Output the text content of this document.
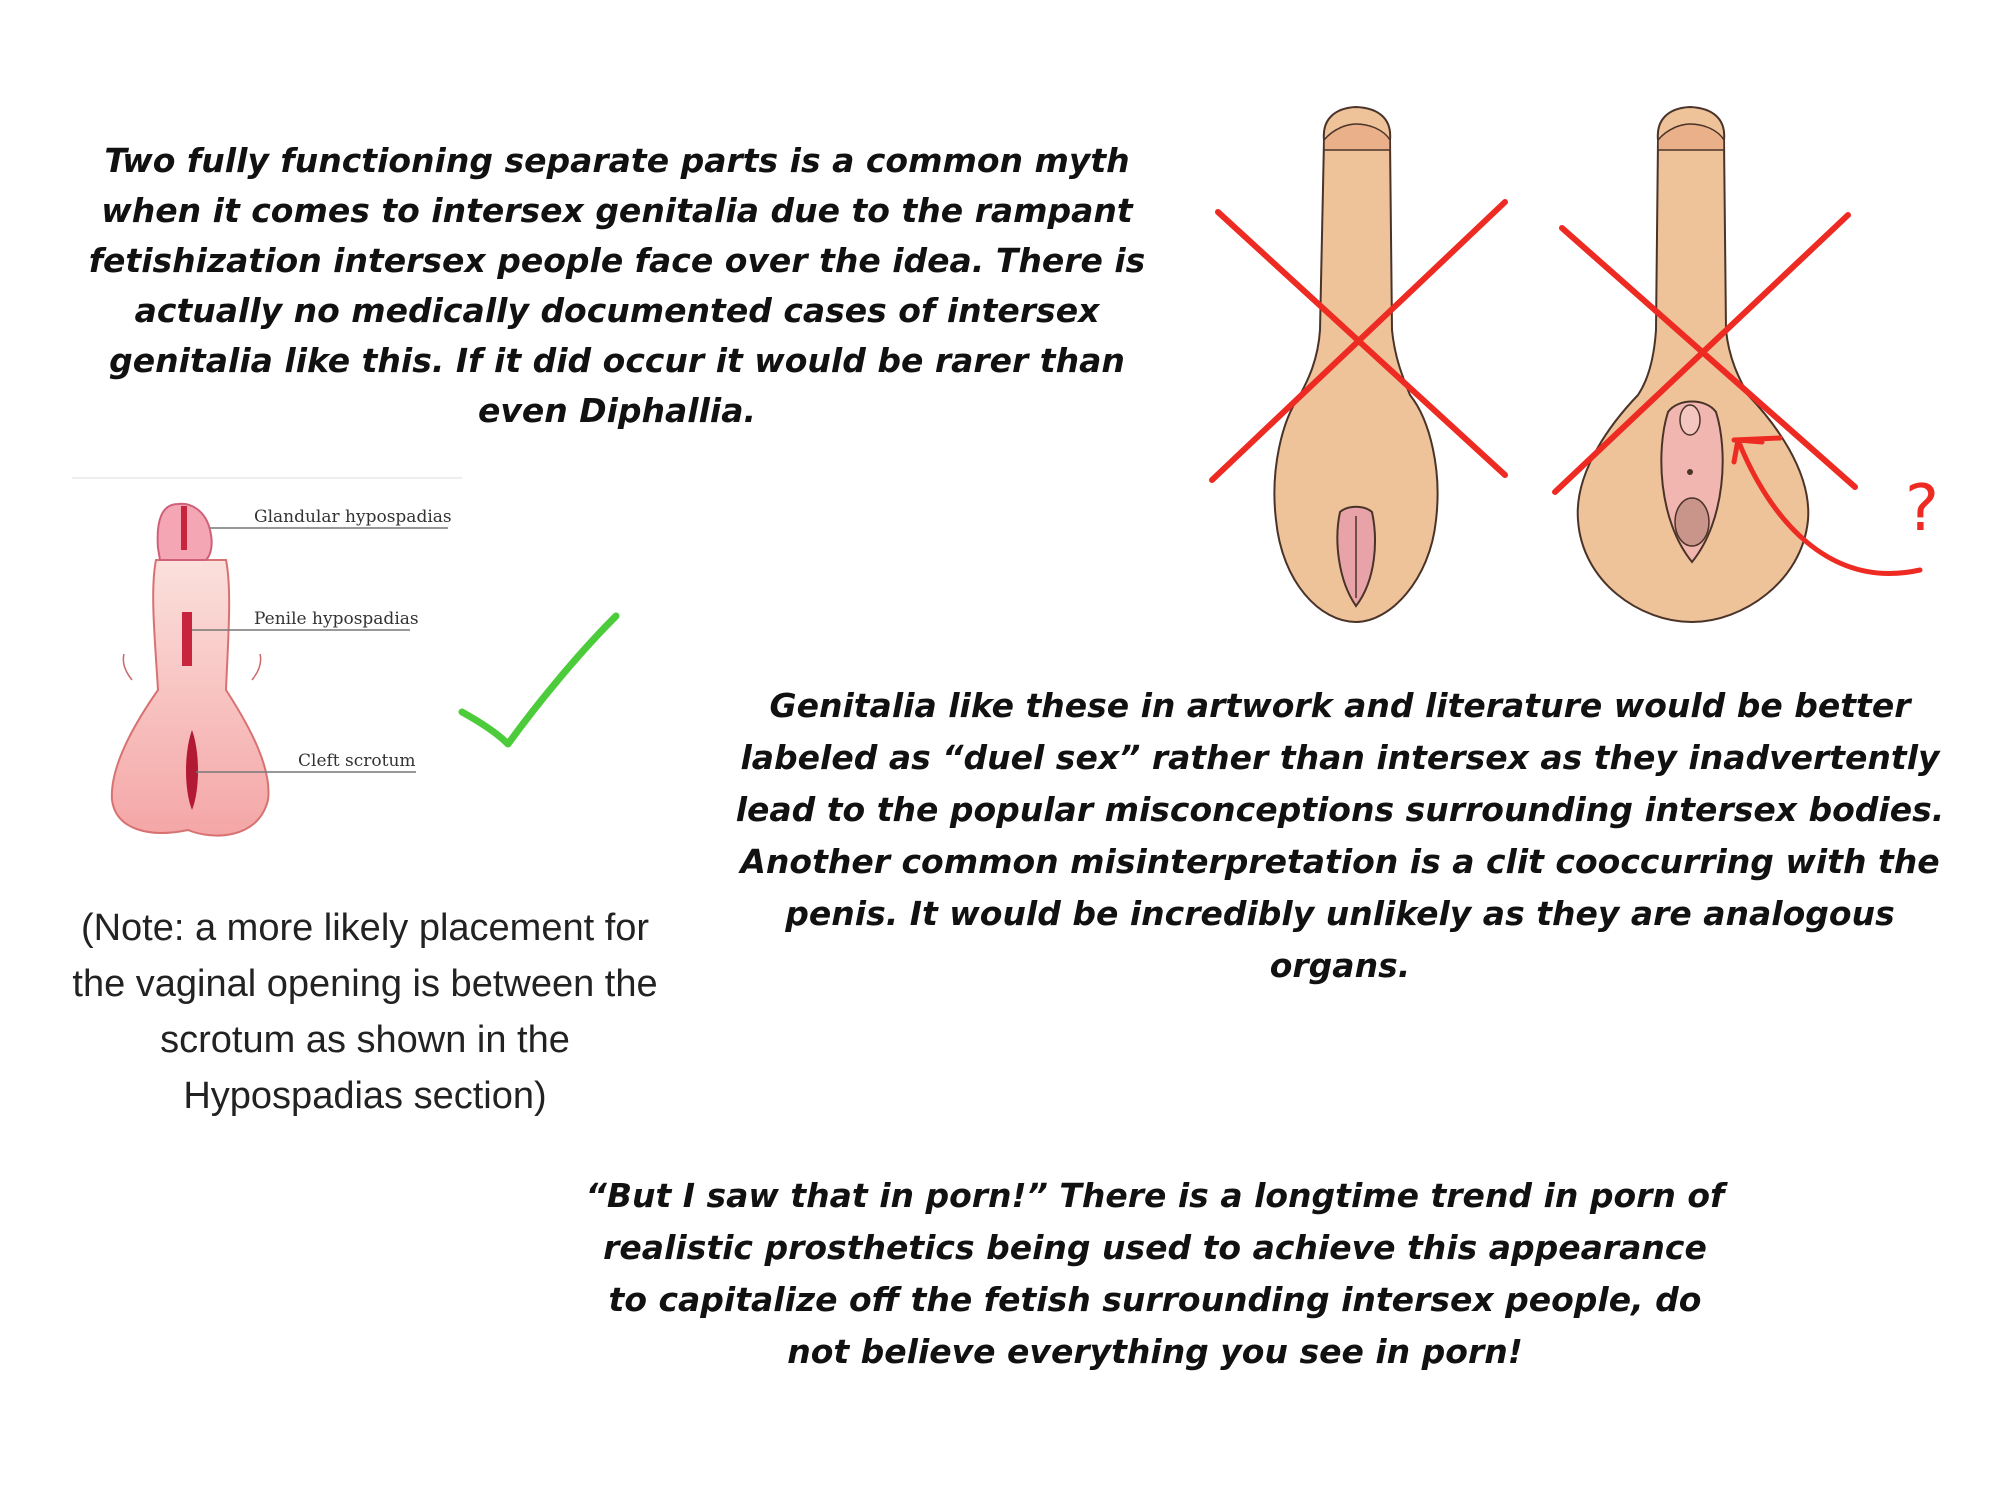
Two fully functioning separate parts is a common myth when it comes to intersex genitalia due to the rampant fetishization intersex people face over the idea. There is actually no medically documented cases of intersex genitalia like this. If it did occur it would be rarer than even Diphallia.

Genitalia like these in artwork and literature would be better labeled as “duel sex” rather than intersex as they inadvertently lead to the popular misconceptions surrounding intersex bodies. Another common misinterpretation is a clit cooccurring with the penis. It would be incredibly unlikely as they are analogous organs.

“But I saw that in porn!” There is a longtime trend in porn of realistic prosthetics being used to achieve this appearance to capitalize off the fetish surrounding intersex people, do not believe everything you see in porn!

(Note: a more likely placement for the vaginal opening is between the scrotum as shown in the Hypospadias section)

?
Glandular hypospadias
Penile hypospadias
Cleft scrotum
